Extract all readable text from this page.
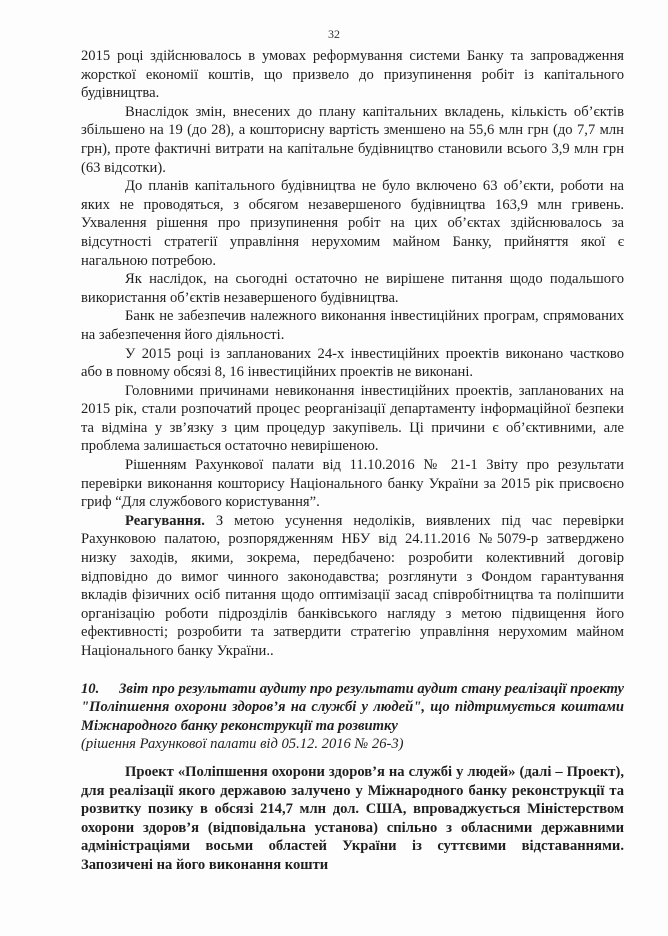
32

2015 році здійснювалось в умовах реформування системи Банку та запровадження жорсткої економії коштів, що призвело до призупинення робіт із капітального будівництва.

Внаслідок змін, внесених до плану капітальних вкладень, кількість об’єктів збільшено на 19 (до 28), а кошторисну вартість зменшено на 55,6 млн грн (до 7,7 млн грн), проте фактичні витрати на капітальне будівництво становили всього 3,9 млн грн (63 відсотки).

До планів капітального будівництва не було включено 63 об’єкти, роботи на яких не проводяться, з обсягом незавершеного будівництва 163,9 млн гривень. Ухвалення рішення про призупинення робіт на цих об’єктах здійснювалось за відсутності стратегії управління нерухомим майном Банку, прийняття якої є нагальною потребою.

Як наслідок, на сьогодні остаточно не вирішене питання щодо подальшого використання об’єктів незавершеного будівництва.

Банк не забезпечив належного виконання інвестиційних програм, спрямованих на забезпечення його діяльності.

У 2015 році із запланованих 24-х інвестиційних проектів виконано частково або в повному обсязі 8, 16 інвестиційних проектів не виконані.

Головними причинами невиконання інвестиційних проектів, запланованих на 2015 рік, стали розпочатий процес реорганізації департаменту інформаційної безпеки та відміна у зв’язку з цим процедур закупівель. Ці причини є об’єктивними, але проблема залишається остаточно невирішеною.

Рішенням Рахункової палати від 11.10.2016 № 21-1 Звіту про результати перевірки виконання кошторису Національного банку України за 2015 рік присвоєно гриф “Для службового користування”.

Реагування. З метою усунення недоліків, виявлених під час перевірки Рахунковою палатою, розпорядженням НБУ від 24.11.2016 №5079-р затверджено низку заходів, якими, зокрема, передбачено: розробити колективний договір відповідно до вимог чинного законодавства; розглянути з Фондом гарантування вкладів фізичних осіб питання щодо оптимізації засад співробітництва та поліпшити організацію роботи підрозділів банківського нагляду з метою підвищення його ефективності; розробити та затвердити стратегію управління нерухомим майном Національного банку України..

10. Звіт про результати аудиту про результати аудит стану реалізації проекту "Поліпшення охорони здоров’я на службі у людей", що підтримується коштами Міжнародного банку реконструкції та розвитку
(рішення Рахункової палати від 05.12. 2016 № 26-3)

Проект «Поліпшення охорони здоров’я на службі у людей» (далі – Проект), для реалізації якого державою залучено у Міжнародного банку реконструкції та розвитку позику в обсязі 214,7 млн дол. США, впроваджується Міністерством охорони здоров’я (відповідальна установа) спільно з обласними державними адміністраціями восьми областей України із суттєвими відставаннями. Запозичені на його виконання кошти
